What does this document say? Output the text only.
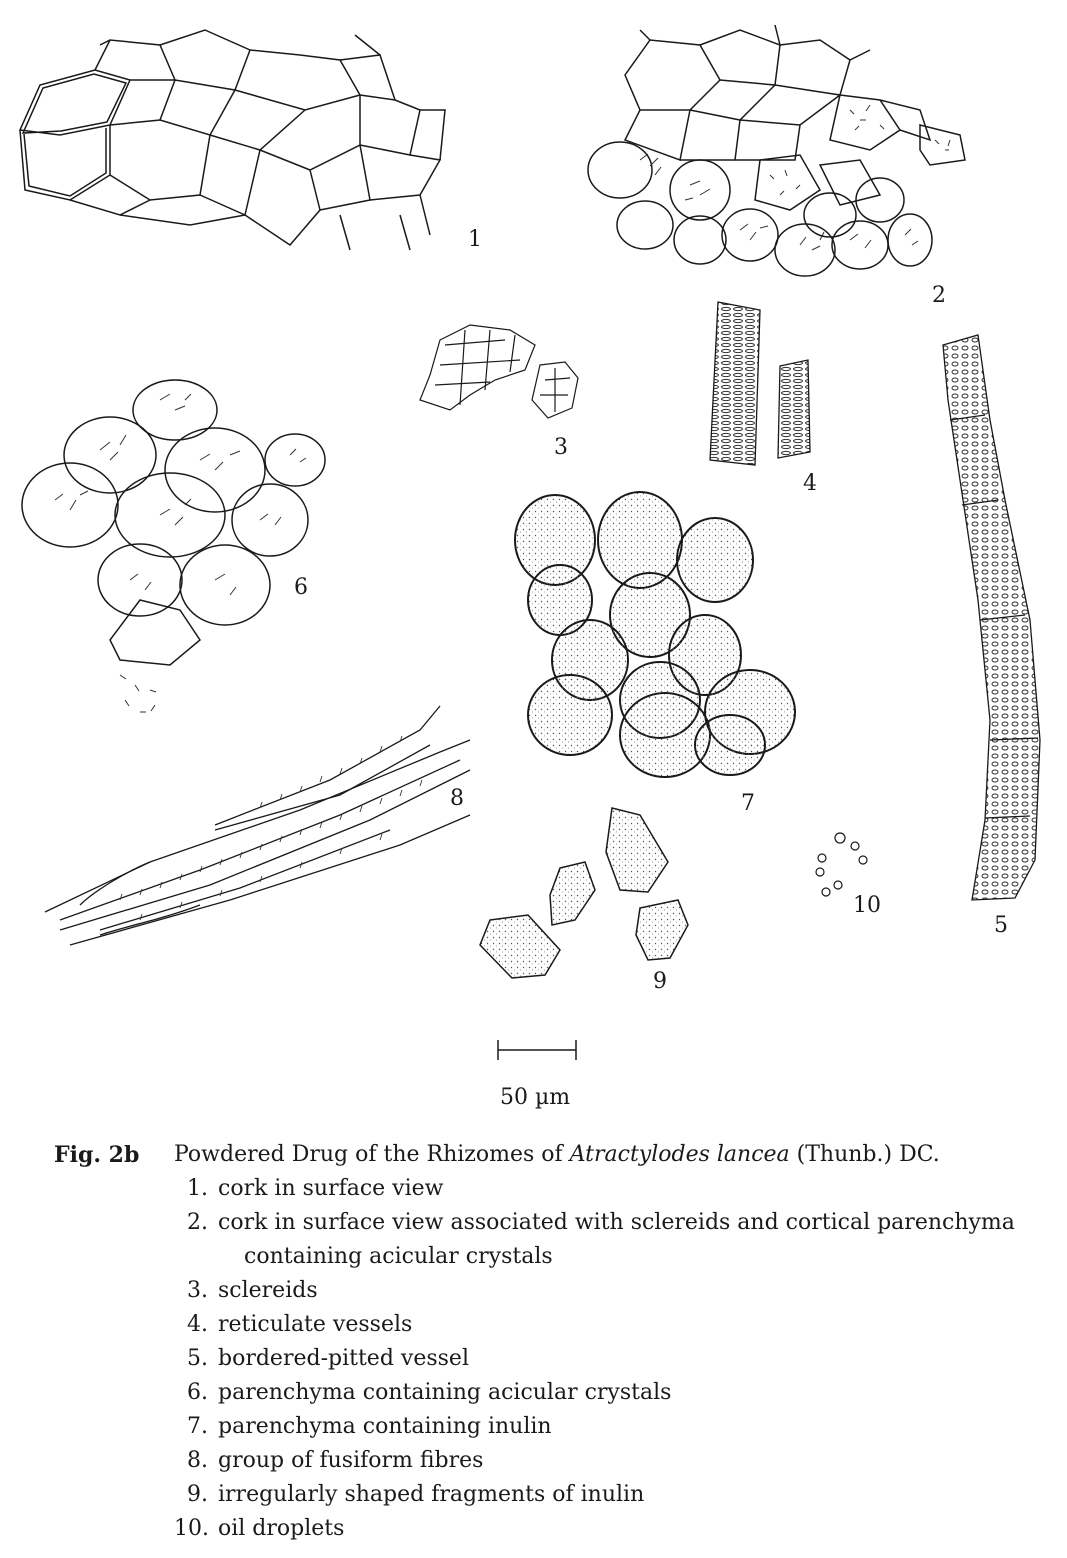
1
2
3
4
5
6
7
8
9
10
50 µm
Fig. 2b	Powdered Drug of the Rhizomes of Atractylodes lancea (Thunb.) DC.
1. cork in surface view
2. cork in surface view associated with sclereids and cortical parenchyma
containing acicular crystals
3. sclereids
4. reticulate vessels
5. bordered-pitted vessel
6. parenchyma containing acicular crystals
7. parenchyma containing inulin
8. group of fusiform fibres
9. irregularly shaped fragments of inulin
10. oil droplets
